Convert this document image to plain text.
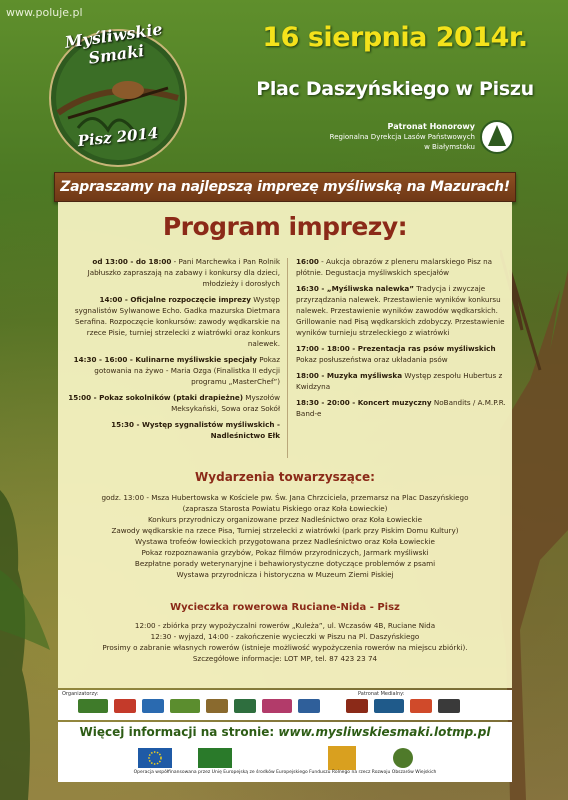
www.poluje.pl
Myśliwskie Smaki
Pisz 2014
16 sierpnia 2014r.
Plac Daszyńskiego w Piszu
Patronat Honorowy
Regionalna Dyrekcja Lasów Państwowych
w Białymstoku
Zapraszamy na najlepszą imprezę myśliwską na Mazurach!
Program imprezy:
od 13:00 - do 18:00 - Pani Marchewka i Pan Rolnik Jabłuszko zapraszają na zabawy i konkursy dla dzieci, młodzieży i dorosłych
14:00 - Oficjalne rozpoczęcie imprezy Występ sygnalistów Sylwanowe Echo. Gadka mazurska Dietmara Serafina. Rozpoczęcie konkursów: zawody wędkarskie na rzece Pisie, turniej strzelecki z wiatrówki oraz konkurs nalewek.
14:30 - 16:00 - Kulinarne myśliwskie specjały Pokaz gotowania na żywo - Maria Ozga (Finalistka II edycji programu „MasterChef”)
15:00 - Pokaz sokolników (ptaki drapieżne) Myszołów Meksykański, Sowa oraz Sokół
15:30 - Występ sygnalistów myśliwskich - Nadleśnictwo Ełk
16:00 - Aukcja obrazów z pleneru malarskiego Pisz na płótnie. Degustacja myśliwskich specjałów
16:30 - „Myśliwska nalewka” Tradycja i zwyczaje przyrządzania nalewek. Przestawienie wyników konkursu nalewek. Przestawienie wyników zawodów wędkarskich. Grillowanie nad Pisą wędkarskich zdobyczy. Przestawienie wyników turnieju strzeleckiego z wiatrówki
17:00 - 18:00 - Prezentacja ras psów myśliwskich Pokaz posłuszeństwa oraz układania psów
18:00 - Muzyka myśliwska Występ zespołu Hubertus z Kwidzyna
18:30 - 20:00 - Koncert muzyczny NoBandits / A.M.P.R. Band-e
Wydarzenia towarzyszące:
godz. 13:00 - Msza Hubertowska w Kościele pw. Św. Jana Chrzciciela, przemarsz na Plac Daszyńskiego
(zaprasza Starosta Powiatu Piskiego oraz Koła Łowieckie)
Konkurs przyrodniczy organizowane przez Nadleśnictwo oraz Koła Łowieckie
Zawody wędkarskie na rzece Pisa, Turniej strzelecki z wiatrówki (park przy Piskim Domu Kultury)
Wystawa trofeów łowieckich przygotowana przez Nadleśnictwo oraz Koła Łowieckie
Pokaz rozpoznawania grzybów, Pokaz filmów przyrodniczych, Jarmark myśliwski
Bezpłatne porady weterynaryjne i behawiorystyczne dotyczące problemów z psami
Wystawa przyrodnicza i historyczna w Muzeum Ziemi Piskiej
Wycieczka rowerowa Ruciane-Nida - Pisz
12:00 - zbiórka przy wypożyczalni rowerów „Kuleża”, ul. Wczasów 4B, Ruciane Nida
12:30 - wyjazd, 14:00 - zakończenie wycieczki w Piszu na Pl. Daszyńskiego
Prosimy o zabranie własnych rowerów (istnieje możliwość wypożyczenia rowerów na miejscu zbiórki).
Szczegółowe informacje: LOT MP, tel. 87 423 23 74
Organizatorzy:	Patronat Medialny:
Więcej informacji na stronie: www.mysliwskiesmaki.lotmp.pl
Operacja współfinansowana przez Unię Europejską ze środków Europejskiego Funduszu Rolnego na rzecz Rozwoju Obszarów Wiejskich
